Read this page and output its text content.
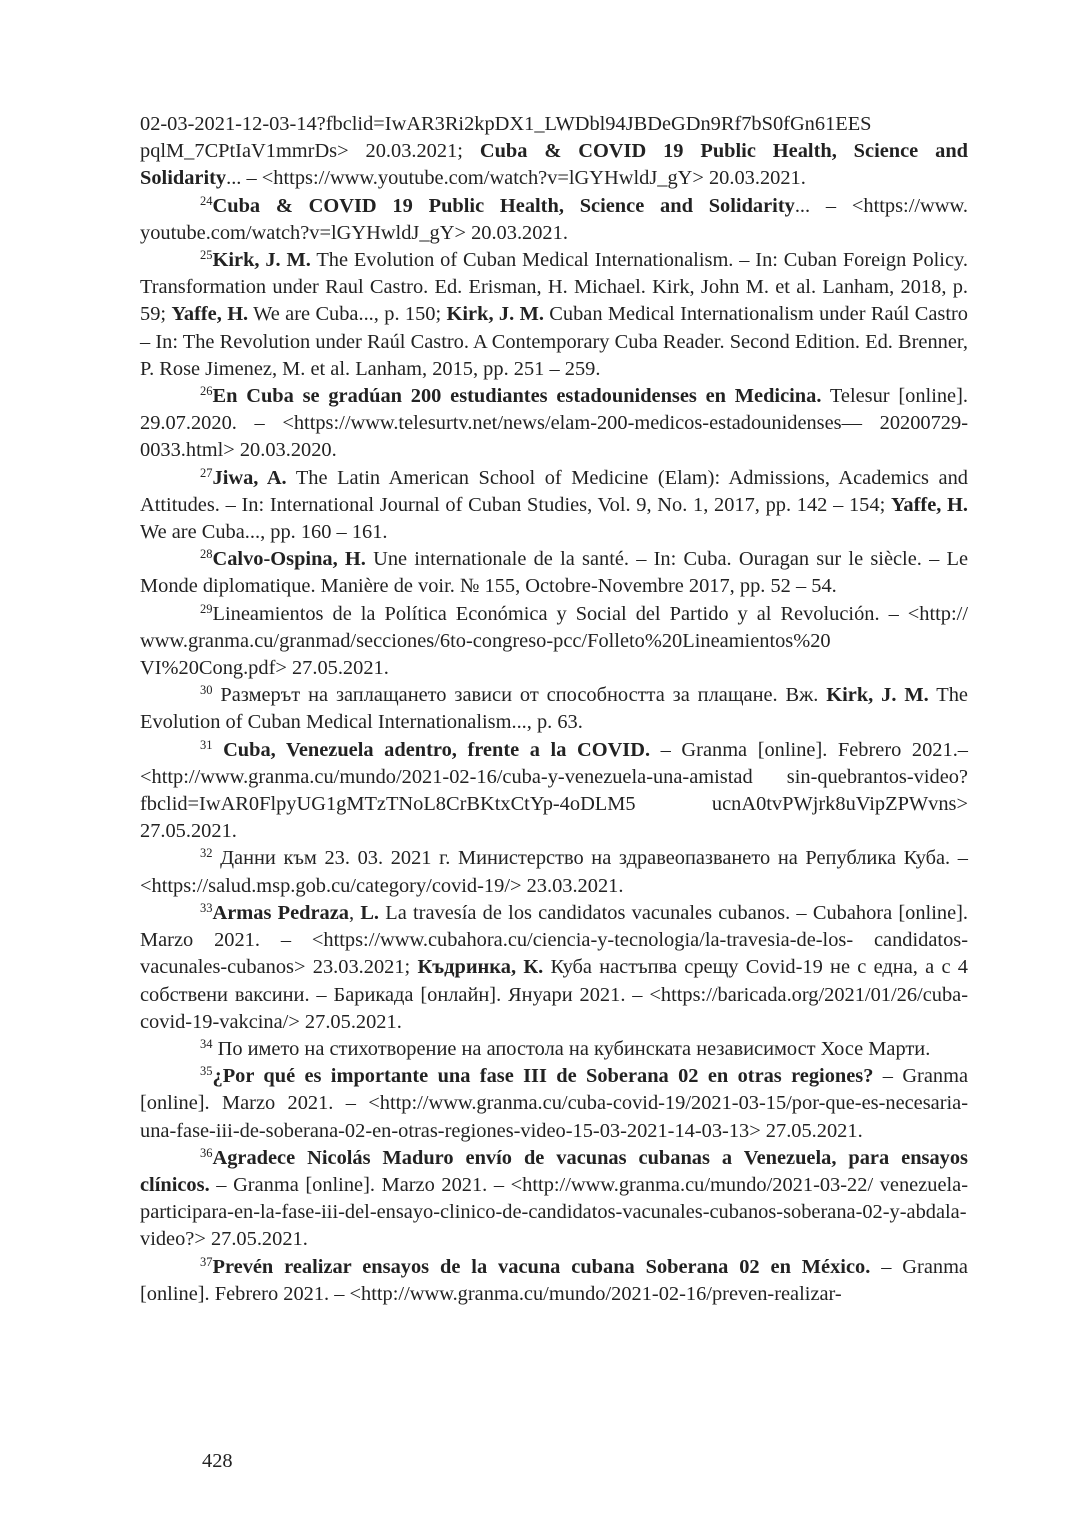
02-03-2021-12-03-14?fbclid=IwAR3Ri2kpDX1_LWDbl94JBDeGDn9Rf7bS0fGn61EES pqlM_7CPtIaV1mmrDs> 20.03.2021; Cuba & COVID 19 Public Health, Science and Solidarity... – <https://www.youtube.com/watch?v=lGYHwldJ_gY> 20.03.2021.

$^{24}$Cuba & COVID 19 Public Health, Science and Solidarity... – <https://www. youtube.com/watch?v=lGYHwldJ_gY> 20.03.2021.

$^{25}$Kirk, J. M. The Evolution of Cuban Medical Internationalism. – In: Cuban Foreign Policy. Transformation under Raul Castro. Ed. Erisman, H. Michael. Kirk, John M. et al. Lanham, 2018, p. 59; Yaffe, H. We are Cuba..., p. 150; Kirk, J. M. Cuban Medical Internationalism under Raúl Castro – In: The Revolution under Raúl Castro. A Contemporary Cuba Reader. Second Edition. Ed. Brenner, P. Rose Jimenez, M. et al. Lanham, 2015, pp. 251 – 259.

$^{26}$En Cuba se gradúan 200 estudiantes estadounidenses en Medicina. Telesur [online]. 29.07.2020. – <https://www.telesurtv.net/news/elam-200-medicos-estadounidenses— 20200729-0033.html> 20.03.2020.

$^{27}$Jiwa, A. The Latin American School of Medicine (Elam): Admissions, Academics and Attitudes. – In: International Journal of Cuban Studies, Vol. 9, No. 1, 2017, pp. 142 – 154; Yaffe, H. We are Cuba..., pp. 160 – 161.

$^{28}$Calvo-Ospina, H. Une internationale de la santé. – In: Cuba. Ouragan sur le siècle. – Le Monde diplomatique. Manière de voir. № 155, Octobre-Novembre 2017, pp. 52 – 54.

$^{29}$Lineamientos de la Política Económica y Social del Partido y al Revolución. – <http:// www.granma.cu/granmad/secciones/6to-congreso-pcc/Folleto%20Lineamientos%20 VI%20Cong.pdf> 27.05.2021.

$^{30}$ Размерът на заплащането зависи от способността за плащане. Вж. Kirk, J. M. The Evolution of Cuban Medical Internationalism..., p. 63.

$^{31}$ Cuba, Venezuela adentro, frente a la COVID. – Granma [online]. Febrero 2021.–<http://www.granma.cu/mundo/2021-02-16/cuba-y-venezuela-una-amistad sin-quebrantos-video?fbclid=IwAR0FlpyUG1gMTzTNoL8CrBKtxCtYp-4oDLM5 ucnA0tvPWjrk8uVipZPWvns> 27.05.2021.

$^{32}$ Данни към 23. 03. 2021 г. Министерство на здравеопазването на Република Куба. – <https://salud.msp.gob.cu/category/covid-19/> 23.03.2021.

$^{33}$Armas Pedraza, L. La travesía de los candidatos vacunales cubanos. – Cubahora [online]. Marzo 2021. – <https://www.cubahora.cu/ciencia-y-tecnologia/la-travesia-de-los- candidatos-vacunales-cubanos> 23.03.2021; Къдринка, К. Куба настъпва срещу Covid-19 не с една, а с 4 собствени ваксини. – Барикада [онлайн]. Януари 2021. – <https://baricada.org/2021/01/26/cuba-covid-19-vakcina/> 27.05.2021.

$^{34}$ По името на стихотворение на апостола на кубинската независимост Хосе Марти.

$^{35}$¿Por qué es importante una fase III de Soberana 02 en otras regiones? – Granma [online]. Marzo 2021. – <http://www.granma.cu/cuba-covid-19/2021-03-15/por-que-es-necesaria-una-fase-iii-de-soberana-02-en-otras-regiones-video-15-03-2021-14-03-13> 27.05.2021.

$^{36}$Agradece Nicolás Maduro envío de vacunas cubanas a Venezuela, para ensayos clínicos. – Granma [online]. Marzo 2021. – <http://www.granma.cu/mundo/2021-03-22/ venezuela-participara-en-la-fase-iii-del-ensayo-clinico-de-candidatos-vacunales-cubanos-soberana-02-y-abdala-video?> 27.05.2021.

$^{37}$Prevén realizar ensayos de la vacuna cubana Soberana 02 en México. – Granma [online]. Febrero 2021. – <http://www.granma.cu/mundo/2021-02-16/preven-realizar-

428
